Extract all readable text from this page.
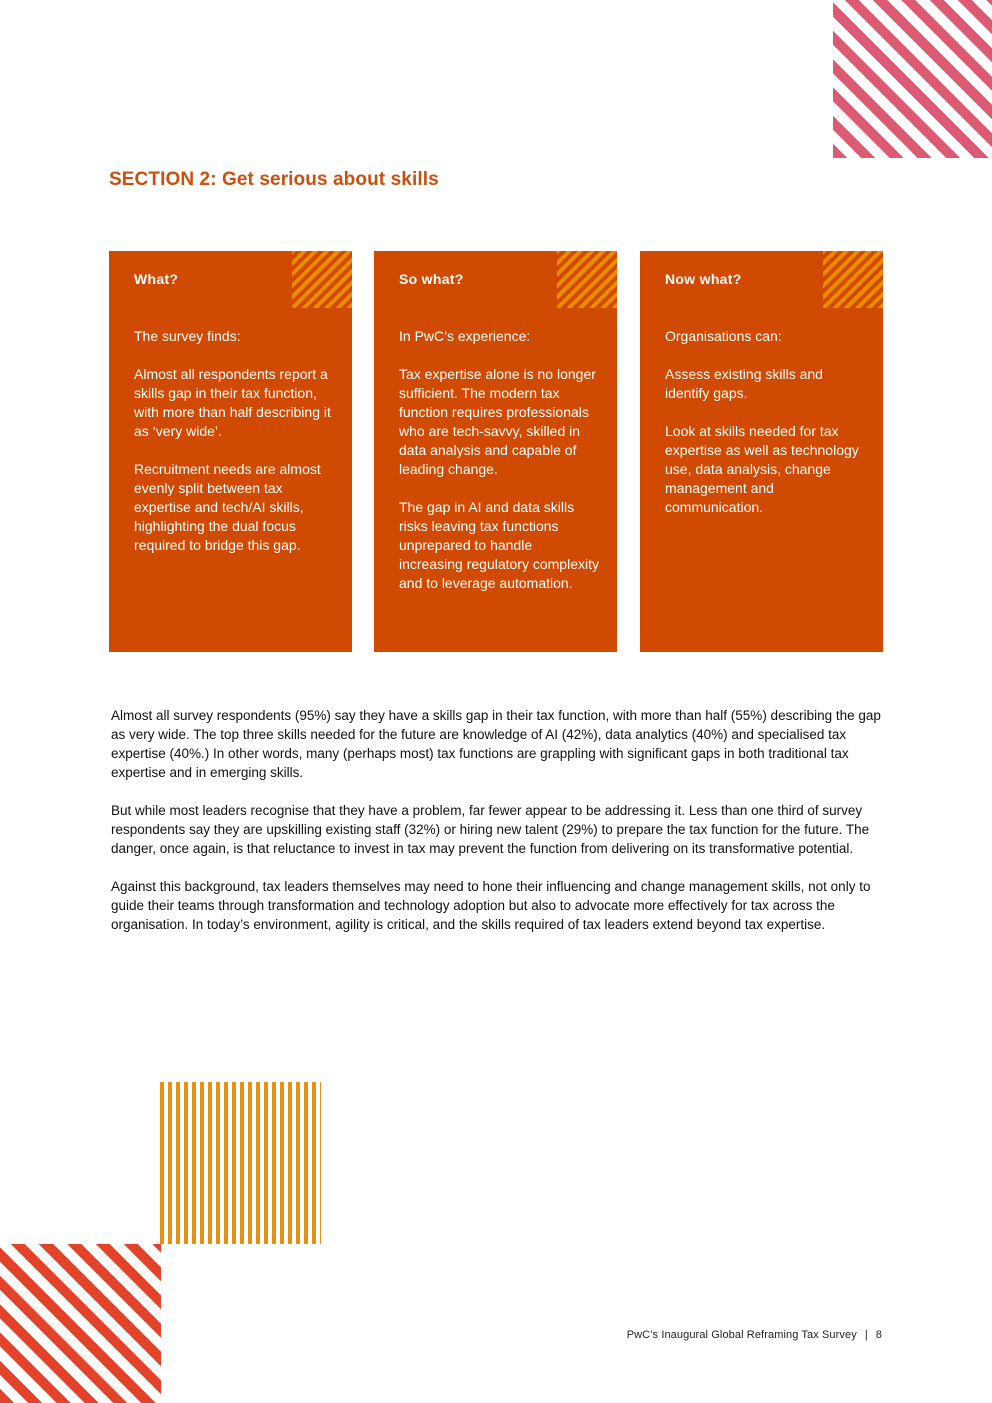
SECTION 2: Get serious about skills
What?

The survey finds:

Almost all respondents report a skills gap in their tax function, with more than half describing it as ‘very wide’.

Recruitment needs are almost evenly split between tax expertise and tech/AI skills, highlighting the dual focus required to bridge this gap.

So what?

In PwC’s experience:

Tax expertise alone is no longer sufficient. The modern tax function requires professionals who are tech-savvy, skilled in data analysis and capable of leading change.

The gap in AI and data skills risks leaving tax functions unprepared to handle increasing regulatory complexity and to leverage automation.

Now what?

Organisations can:

Assess existing skills and identify gaps.

Look at skills needed for tax expertise as well as technology use, data analysis, change management and communication.

Almost all survey respondents (95%) say they have a skills gap in their tax function, with more than half (55%) describing the gap as very wide. The top three skills needed for the future are knowledge of AI (42%), data analytics (40%) and specialised tax expertise (40%.) In other words, many (perhaps most) tax functions are grappling with significant gaps in both traditional tax expertise and in emerging skills.

But while most leaders recognise that they have a problem, far fewer appear to be addressing it. Less than one third of survey respondents say they are upskilling existing staff (32%) or hiring new talent (29%) to prepare the tax function for the future. The danger, once again, is that reluctance to invest in tax may prevent the function from delivering on its transformative potential.

Against this background, tax leaders themselves may need to hone their influencing and change management skills, not only to guide their teams through transformation and technology adoption but also to advocate more effectively for tax across the organisation. In today’s environment, agility is critical, and the skills required of tax leaders extend beyond tax expertise.

PwC’s Inaugural Global Reframing Tax Survey | 8
